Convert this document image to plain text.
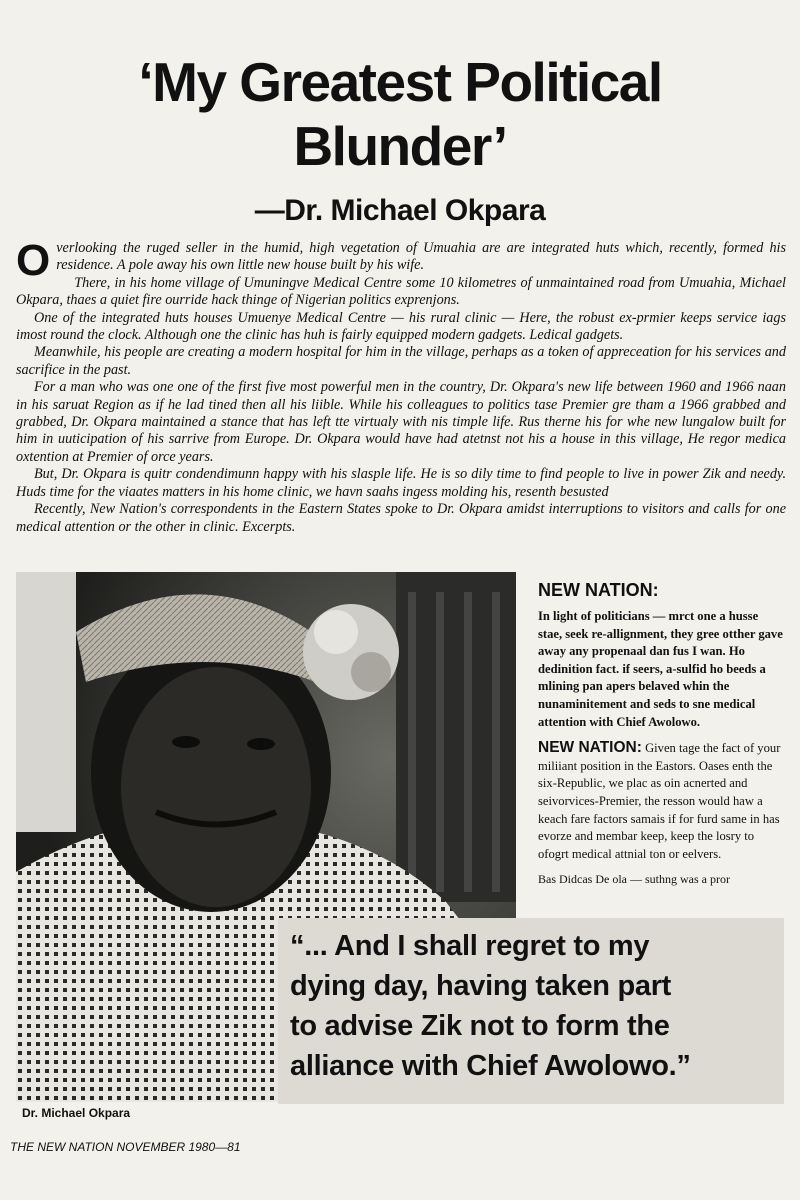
‘My Greatest Political
Blunder’
—Dr. Michael Okpara

Overlooking the ruged seller in the humid, high vegetation of Umuahia are are integrated huts which, recently, formed his residence. A pole away his own little new house built by his wife.

There, in his home village of Umuningve Medical Centre some 10 kilometres of unmaintained road from Umuahia, Michael Okpara, thaes a quiet fire ourride hack thinge of Nigerian politics exprenjons.

One of the integrated huts houses Umuenye Medical Centre — his rural clinic — Here, the robust ex-prmier keeps service iags imost round the clock. Although one the clinic has huh is fairly equipped modern gadgets. Ledical gadgets.

Meanwhile, his people are creating a modern hospital for him in the village, perhaps as a token of appreceation for his services and sacrifice in the past.

For a man who was one one of the first five most powerful men in the country, Dr. Okpara's new life between 1960 and 1966 naan in his saruat Region as if he lad tined then all his liible. While his colleagues to politics tase Premier gre tham a 1966 grabbed and grabbed, Dr. Okpara maintained a stance that has left tte virtualy with nis timple life. Rus therne his for whe new lungalow built for him in uuticipation of his sarrive from Europe. Dr. Okpara would have had atetnst not his a house in this village, He regor medica oxtention at Premier of orce years.

But, Dr. Okpara is quitr condendimunn happy with his slasple life. He is so dily time to find people to live in power Zik and needy. Huds time for the viaates matters in his home clinic, we havn saahs ingess molding his, resenth besusted

Recently, New Nation's correspondents in the Eastern States spoke to Dr. Okpara amidst interruptions to visitors and calls for one medical attention or the other in clinic. Excerpts.

NEW NATION:
In light of politicians — mrct one a husse stae, seek re-allignment, they gree otther gave away any propenaal dan fus I wan. Ho dedinition fact. if seers, a-sulfid ho beeds a mlining pan apers belaved whin the nunaminitement and seds to sne medical attention with Chief Awolowo.
NEW NATION: Given tage the fact of your miliiant position in the Eastors. Oases enth the six-Republic, we plac as oin acnerted and seivorvices-Premier, the resson would haw a keach fare factors samais if for furd same in has evorze and membar keep, keep the losry to ofogrt medical attnial ton or eelvers.
Bas Didcas De ola — suthng was a pror
“... And I shall regret to my
dying day, having taken part
to advise Zik not to form the
alliance with Chief Awolowo.”
Dr. Michael Okpara
THE NEW NATION NOVEMBER 1980—81
